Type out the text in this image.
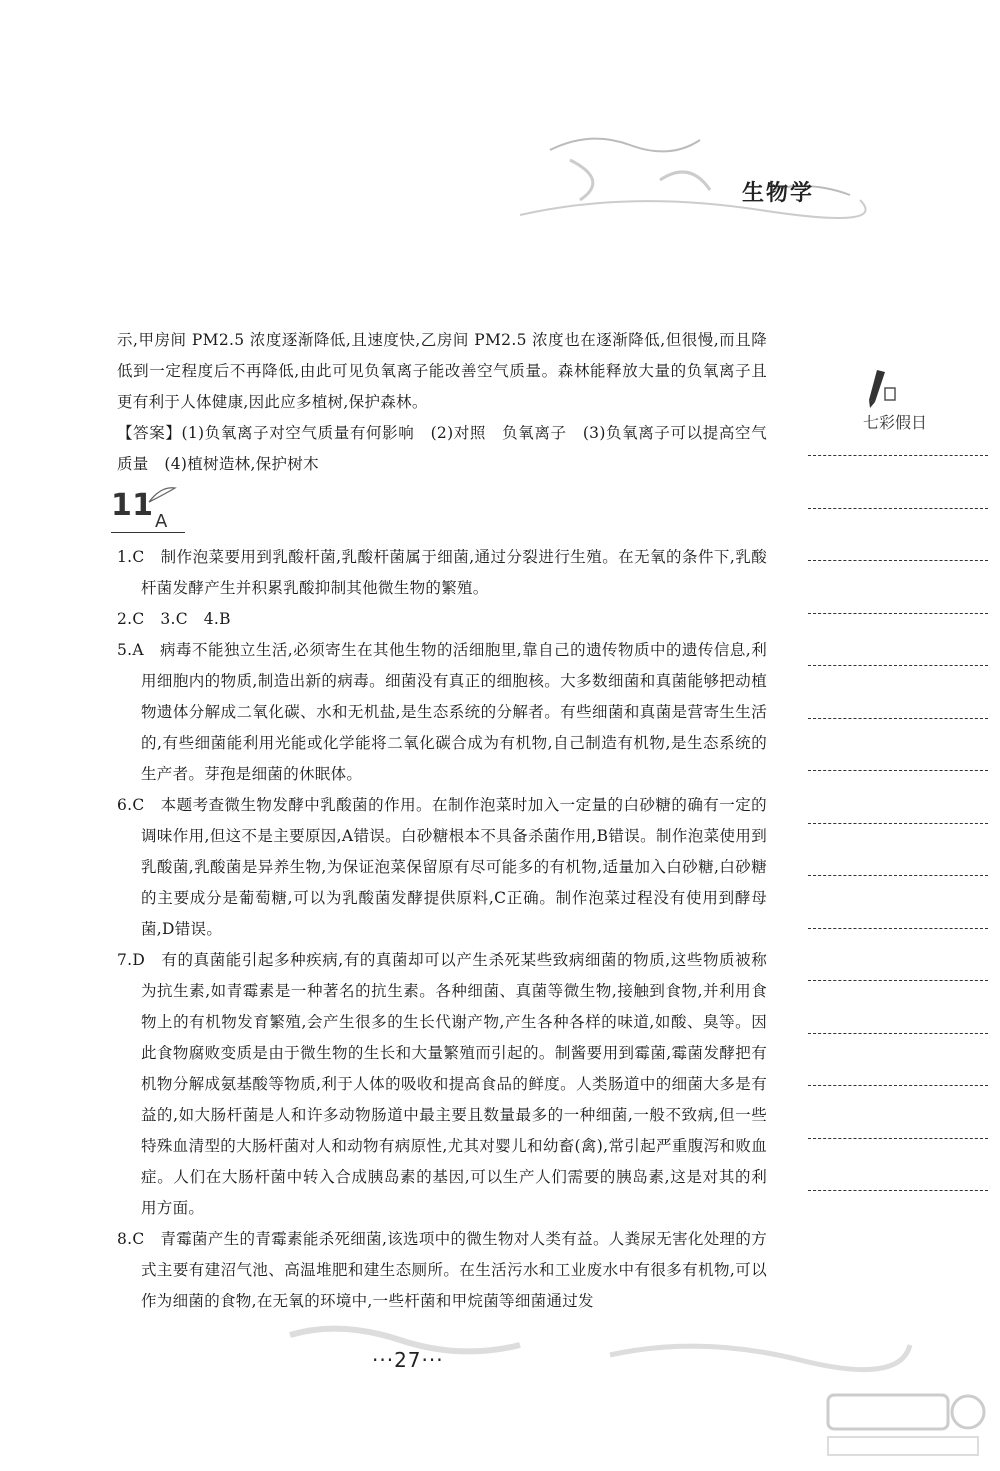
生物学
七彩假日

示,甲房间 PM2.5 浓度逐渐降低,且速度快,乙房间 PM2.5 浓度也在逐渐降低,但很慢,而且降低到一定程度后不再降低,由此可见负氧离子能改善空气质量。森林能释放大量的负氧离子且更有利于人体健康,因此应多植树,保护森林。

【答案】(1)负氧离子对空气质量有何影响　(2)对照　负氧离子　(3)负氧离子可以提高空气质量　(4)植树造林,保护树木

11 A

1.C　制作泡菜要用到乳酸杆菌,乳酸杆菌属于细菌,通过分裂进行生殖。在无氧的条件下,乳酸杆菌发酵产生并积累乳酸抑制其他微生物的繁殖。

2.C　3.C　4.B

5.A　病毒不能独立生活,必须寄生在其他生物的活细胞里,靠自己的遗传物质中的遗传信息,利用细胞内的物质,制造出新的病毒。细菌没有真正的细胞核。大多数细菌和真菌能够把动植物遗体分解成二氧化碳、水和无机盐,是生态系统的分解者。有些细菌和真菌是营寄生生活的,有些细菌能利用光能或化学能将二氧化碳合成为有机物,自己制造有机物,是生态系统的生产者。芽孢是细菌的休眠体。

6.C　本题考查微生物发酵中乳酸菌的作用。在制作泡菜时加入一定量的白砂糖的确有一定的调味作用,但这不是主要原因,A错误。白砂糖根本不具备杀菌作用,B错误。制作泡菜使用到乳酸菌,乳酸菌是异养生物,为保证泡菜保留原有尽可能多的有机物,适量加入白砂糖,白砂糖的主要成分是葡萄糖,可以为乳酸菌发酵提供原料,C正确。制作泡菜过程没有使用到酵母菌,D错误。

7.D　有的真菌能引起多种疾病,有的真菌却可以产生杀死某些致病细菌的物质,这些物质被称为抗生素,如青霉素是一种著名的抗生素。各种细菌、真菌等微生物,接触到食物,并利用食物上的有机物发育繁殖,会产生很多的生长代谢产物,产生各种各样的味道,如酸、臭等。因此食物腐败变质是由于微生物的生长和大量繁殖而引起的。制酱要用到霉菌,霉菌发酵把有机物分解成氨基酸等物质,利于人体的吸收和提高食品的鲜度。人类肠道中的细菌大多是有益的,如大肠杆菌是人和许多动物肠道中最主要且数量最多的一种细菌,一般不致病,但一些特殊血清型的大肠杆菌对人和动物有病原性,尤其对婴儿和幼畜(禽),常引起严重腹泻和败血症。人们在大肠杆菌中转入合成胰岛素的基因,可以生产人们需要的胰岛素,这是对其的利用方面。

8.C　青霉菌产生的青霉素能杀死细菌,该选项中的微生物对人类有益。人粪尿无害化处理的方式主要有建沼气池、高温堆肥和建生态厕所。在生活污水和工业废水中有很多有机物,可以作为细菌的食物,在无氧的环境中,一些杆菌和甲烷菌等细菌通过发

···27···
